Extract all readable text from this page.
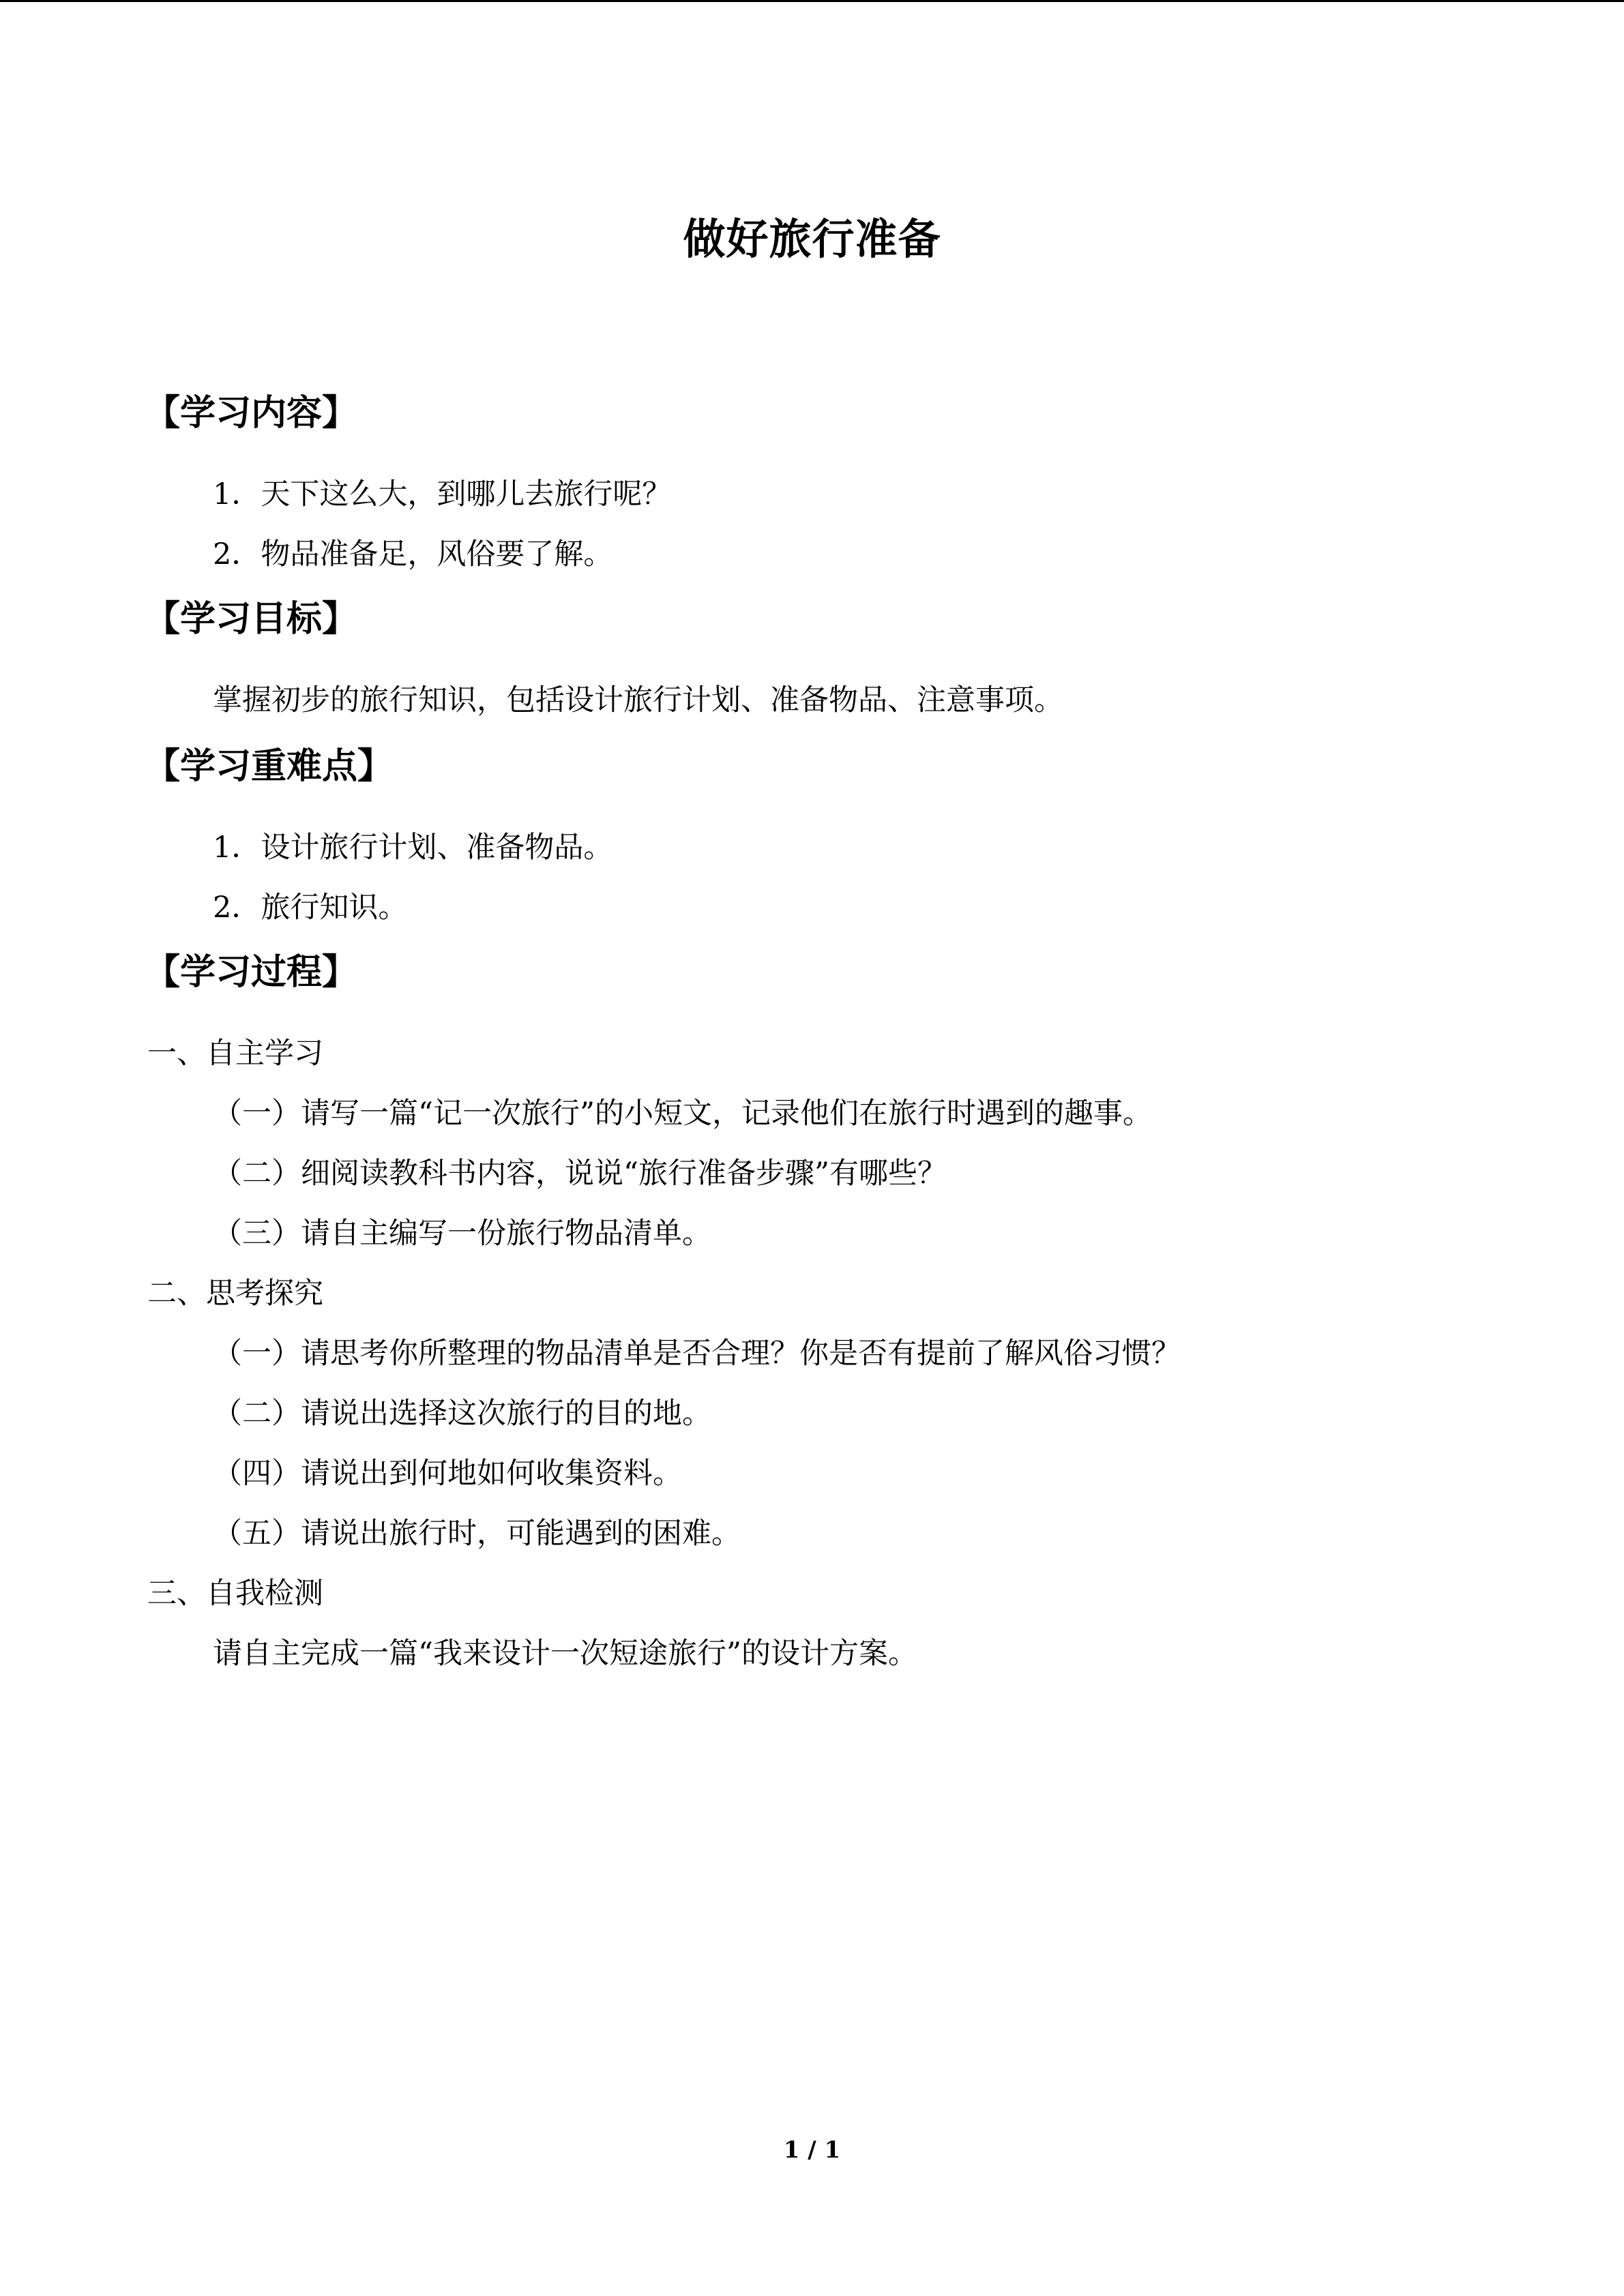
做好旅行准备
【学习内容】
1．天下这么大，到哪儿去旅行呢？
2．物品准备足，风俗要了解。
【学习目标】
掌握初步的旅行知识，包括设计旅行计划、准备物品、注意事项。
【学习重难点】
1．设计旅行计划、准备物品。
2．旅行知识。
【学习过程】
一、自主学习
（一）请写一篇“记一次旅行”的小短文，记录他们在旅行时遇到的趣事。
（二）细阅读教科书内容，说说“旅行准备步骤”有哪些？
（三）请自主编写一份旅行物品清单。
二、思考探究
（一）请思考你所整理的物品清单是否合理？你是否有提前了解风俗习惯？
（二）请说出选择这次旅行的目的地。
（四）请说出到何地如何收集资料。
（五）请说出旅行时，可能遇到的困难。
三、自我检测
请自主完成一篇“我来设计一次短途旅行”的设计方案。
1 / 1
